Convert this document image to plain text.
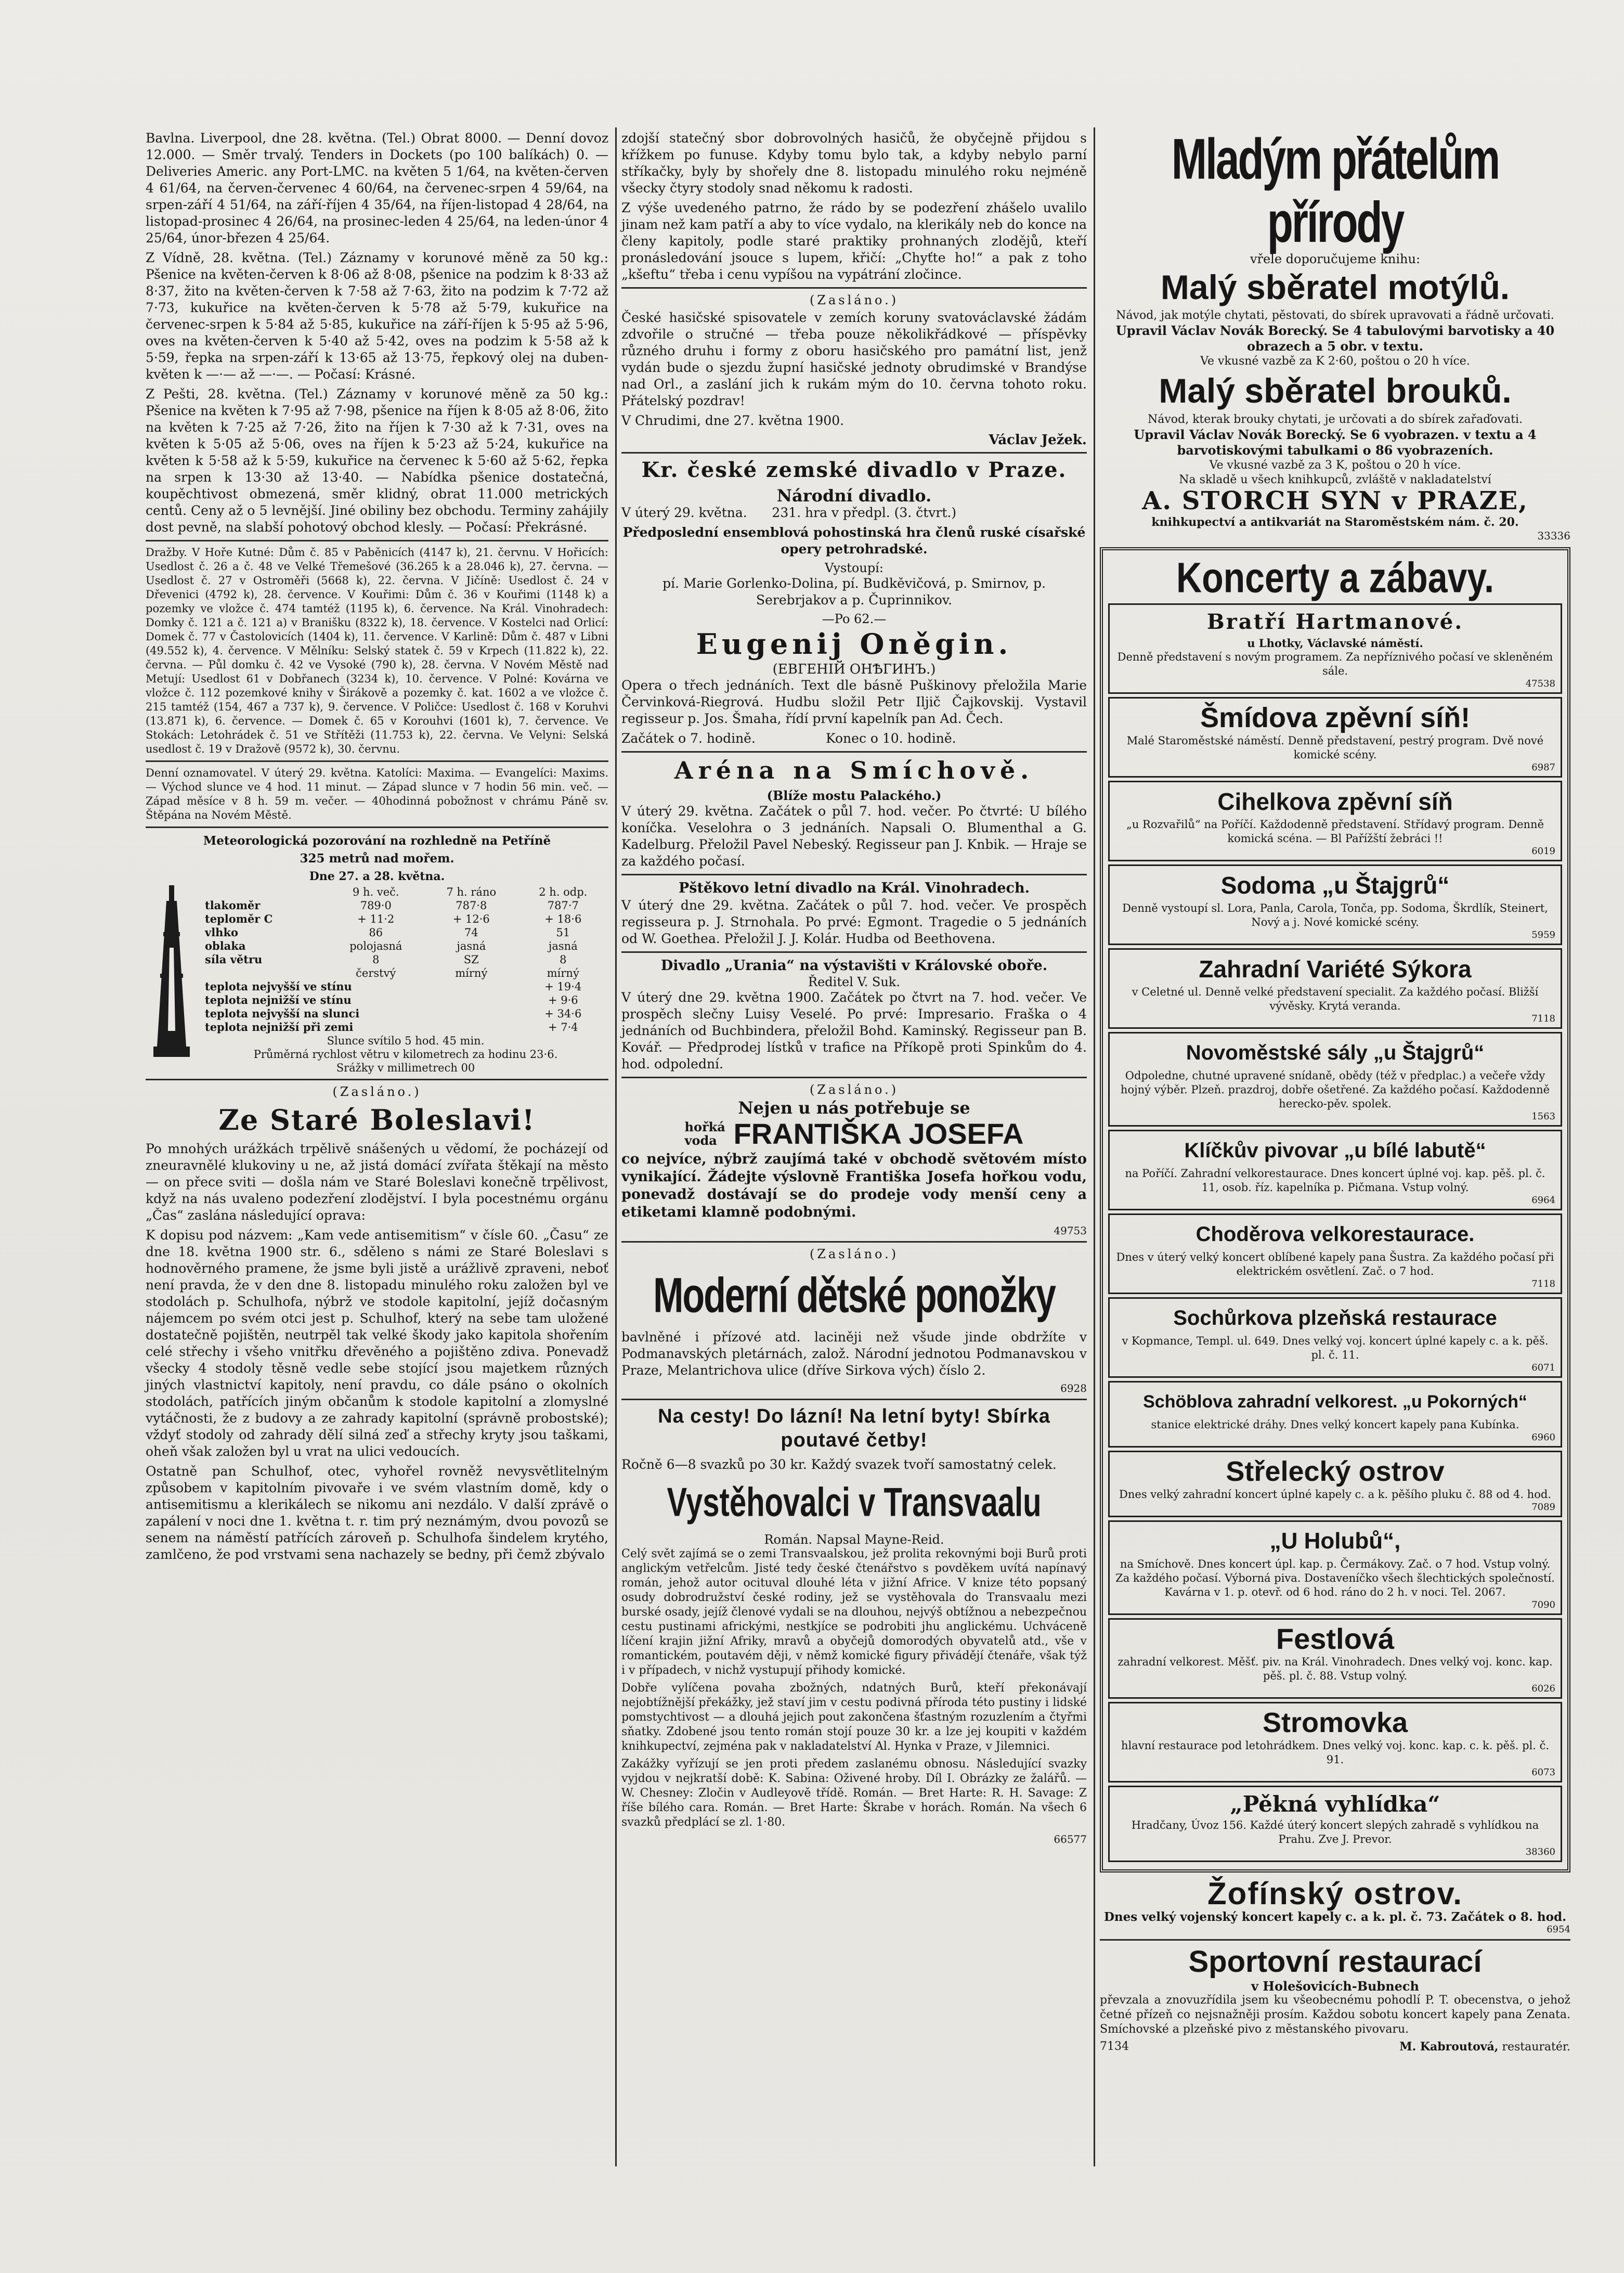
Bavlna. Liverpool, dne 28. května. (Tel.) Obrat 8000. — Denní dovoz 12.000. — Směr trvalý. Tenders in Dockets (po 100 balíkách) 0. — Deliveries Americ. any Port-LMC. na květen 5 1/64, na květen-červen 4 61/64, na červen-červenec 4 60/64, na červenec-srpen 4 59/64, na srpen-září 4 51/64, na září-říjen 4 35/64, na říjen-listopad 4 28/64, na listopad-prosinec 4 26/64, na prosinec-leden 4 25/64, na leden-únor 4 25/64, únor-březen 4 25/64.

Z Vídně, 28. května. (Tel.) Záznamy v korunové měně za 50 kg.: Pšenice na květen-červen k 8·06 až 8·08, pšenice na podzim k 8·33 až 8·37, žito na květen-červen k 7·58 až 7·63, žito na podzim k 7·72 až 7·73, kukuřice na květen-červen k 5·78 až 5·79, kukuřice na červenec-srpen k 5·84 až 5·85, kukuřice na září-říjen k 5·95 až 5·96, oves na květen-červen k 5·40 až 5·42, oves na podzim k 5·58 až k 5·59, řepka na srpen-září k 13·65 až 13·75, řepkový olej na duben-květen k —·— až —·—. — Počasí: Krásné.

Z Pešti, 28. května. (Tel.) Záznamy v korunové měně za 50 kg.: Pšenice na květen k 7·95 až 7·98, pšenice na říjen k 8·05 až 8·06, žito na květen k 7·25 až 7·26, žito na říjen k 7·30 až k 7·31, oves na květen k 5·05 až 5·06, oves na říjen k 5·23 až 5·24, kukuřice na květen k 5·58 až k 5·59, kukuřice na červenec k 5·60 až 5·62, řepka na srpen k 13·30 až 13·40. — Nabídka pšenice dostatečná, koupěchtivost obmezená, směr klidný, obrat 11.000 metrických centů. Ceny až o 5 levnější. Jiné obiliny bez obchodu. Terminy zahájily dost pevně, na slabší pohotový obchod klesly. — Počasí: Překrásné.

Dražby. V Hoře Kutné: Dům č. 85 v Paběnicích (4147 k), 21. červnu. V Hořicích: Usedlost č. 26 a č. 48 ve Velké Třemešové (36.265 k a 28.046 k), 27. června. — Usedlost č. 27 v Ostroměři (5668 k), 22. června. V Jičíně: Usedlost č. 24 v Dřevenici (4792 k), 28. července. V Kouřimi: Dům č. 36 v Kouřimi (1148 k) a pozemky ve vložce č. 474 tamtéž (1195 k), 6. července. Na Král. Vinohradech: Domky č. 121 a č. 121 a) v Branišku (8322 k), 18. července. V Kostelci nad Orlicí: Domek č. 77 v Častolovicích (1404 k), 11. července. V Karlině: Dům č. 487 v Libni (49.552 k), 4. července. V Mělníku: Selský statek č. 59 v Krpech (11.822 k), 22. června. — Půl domku č. 42 ve Vysoké (790 k), 28. června. V Novém Městě nad Metují: Usedlost 61 v Dobřanech (3234 k), 10. července. V Polné: Kovárna ve vložce č. 112 pozemkové knihy v Širákově a pozemky č. kat. 1602 a ve vložce č. 215 tamtéž (154, 467 a 737 k), 9. července. V Poličce: Usedlost č. 168 v Koruhvi (13.871 k), 6. července. — Domek č. 65 v Korouhvi (1601 k), 7. července. Ve Stokách: Letohrádek č. 51 ve Střítěži (11.753 k), 22. června. Ve Velyni: Selská usedlost č. 19 v Dražově (9572 k), 30. červnu.

Denní oznamovatel. V úterý 29. května. Katolíci: Maxima. — Evangelíci: Maxims. — Východ slunce ve 4 hod. 11 minut. — Západ slunce v 7 hodin 56 min. več. — Západ měsíce v 8 h. 59 m. večer. — 40hodinná pobožnost v chrámu Páně sv. Štěpána na Novém Městě.

Meteorologická pozorování na rozhledně na Petříně
325 metrů nad mořem.
Dne 27. a 28. května.
	9 h. več.	7 h. ráno	2 h. odp.
tlakoměr	789·0	787·8	787·7
teploměr C	+ 11·2	+ 12·6	+ 18·6
vlhko	86	74	51
oblaka	polojasná	jasná	jasná
síla větru	8	SZ	8
	čerstvý	mírný	mírný
teplota nejvyšší ve stínu			+ 19·4
teplota nejnižší ve stínu			+ 9·6
teplota nejvyšší na slunci			+ 34·6
teplota nejnižší při zemi			+ 7·4
Slunce svítilo 5 hod. 45 min.			
Průměrná rychlost větru v kilometrech za hodinu 23·6.			
Srážky v millimetrech 00			
(Zasláno.)
Ze Staré Boleslavi!

Po mnohých urážkách trpělivě snášených u vědomí, že pocházejí od zneuravnělé klukoviny u ne, až jistá domácí zvířata štěkají na město — on přece sviti — došla nám ve Staré Boleslavi konečně trpělivost, když na nás uvaleno podezření zlodějství. I byla pocestnému orgánu „Čas“ zaslána následující oprava:

K dopisu pod názvem: „Kam vede antisemitism“ v čísle 60. „Času“ ze dne 18. května 1900 str. 6., sděleno s námi ze Staré Boleslavi s hodnověrného pramene, že jsme byli jistě a urážlivě zpraveni, neboť není pravda, že v den dne 8. listopadu minulého roku založen byl ve stodolách p. Schulhofa, nýbrž ve stodole kapitolní, jejíž dočasným nájemcem po svém otci jest p. Schulhof, který na sebe tam uložené dostatečně pojištěn, neutrpěl tak velké škody jako kapitola shořením celé střechy i všeho vnitřku dřevěného a pojištěno zdiva. Ponevadž všecky 4 stodoly těsně vedle sebe stojící jsou majetkem různých jiných vlastnictví kapitoly, není pravdu, co dále psáno o okolních stodolách, patřících jiným občanům k stodole kapitolní a zlomyslné vytáčnosti, že z budovy a ze zahrady kapitolní (správně probostské); vždyť stodoly od zahrady dělí silná zeď a střechy kryty jsou taškami, oheň však založen byl u vrat na ulici vedoucích.

Ostatně pan Schulhof, otec, vyhořel rovněž nevysvětlitelným způsobem v kapitolním pivovaře i ve svém vlastním domě, kdy o antisemitismu a klerikálech se nikomu ani nezdálo. V další zprávě o zapálení v noci dne 1. května t. r. tim prý neznámým, dvou povozů se senem na náměstí patřících zároveň p. Schulhofa šindelem krytého, zamlčeno, že pod vrstvami sena nachazely se bedny, při čemž zbývalo

zdojší statečný sbor dobrovolných hasičů, že obyčejně přijdou s křížkem po funuse. Kdyby tomu bylo tak, a kdyby nebylo parní stříkačky, byly by shořely dne 8. listopadu minulého roku nejméně všecky čtyry stodoly snad někomu k radosti.

Z výše uvedeného patrno, že rádo by se podezření zhášelo uvalilo jinam než kam patří a aby to více vydalo, na klerikály neb do konce na členy kapitoly, podle staré praktiky prohnaných zlodějů, kteří pronásledování jsouce s lupem, křičí: „Chyťte ho!“ a pak z toho „kšeftu“ třeba i cenu vypíšou na vypátrání zločince.

(Zasláno.)

České hasičské spisovatele v zemích koruny svatováclavské žádám zdvořile o stručné — třeba pouze několikřádkové — příspěvky různého druhu i formy z oboru hasičského pro památní list, jenž vydán bude o sjezdu župní hasičské jednoty obrudimské v Brandýse nad Orl., a zaslání jich k rukám mým do 10. června tohoto roku. Přátelský pozdrav!

V Chrudimi, dne 27. května 1900.

Václav Ježek.
Kr. české zemské divadlo v Praze.
Národní divadlo.

V úterý 29. května.      231. hra v předpl. (3. čtvrt.)

Předposlední ensemblová pohostinská hra členů ruské císařské opery petrohradské.

Vystoupí:

pí. Marie Gorlenko-Dolina, pí. Budkěvičová, p. Smirnov, p. Serebrjakov a p. Čuprinnikov.

—Po 62.—
Eugenij Oněgin.
(ЕВГЕНІЙ ОНѢГИНЪ.)

Opera o třech jednáních. Text dle básně Puškinovy přeložila Marie Červinková-Riegrová. Hudbu složil Petr Iljič Čajkovskij. Vystavil regisseur p. Jos. Šmaha, řídí první kapelník pan Ad. Čech.

Začátek o 7. hodině.                 Konec o 10. hodině.

Aréna na Smíchově.
(Blíže mostu Palackého.)

V úterý 29. května. Začátek o půl 7. hod. večer. Po čtvrté: U bílého koníčka. Veselohra o 3 jednáních. Napsali O. Blumenthal a G. Kadelburg. Přeložil Pavel Nebeský. Regisseur pan J. Knbik. — Hraje se za každého počasí.

Pštěkovo letní divadlo na Král. Vinohradech.

V úterý dne 29. května. Začátek o půl 7. hod. večer. Ve prospěch regisseura p. J. Strnohala. Po prvé: Egmont. Tragedie o 5 jednáních od W. Goethea. Přeložil J. J. Kolár. Hudba od Beethovena.

Divadlo „Urania“ na výstavišti v Královské oboře.
Ředitel V. Suk.

V úterý dne 29. května 1900. Začátek po čtvrt na 7. hod. večer. Ve prospěch slečny Luisy Veselé. Po prvé: Impresario. Fraška o 4 jednáních od Buchbindera, přeložil Bohd. Kaminský. Regisseur pan B. Kovář. — Předprodej lístků v trafice na Příkopě proti Spinkům do 4. hod. odpolední.

(Zasláno.)
Nejen u nás potřebuje se
hořká voda FRANTIŠKA JOSEFA

co nejvíce, nýbrž zaujímá také v obchodě světovém místo vynikající. Žádejte výslovně Františka Josefa hořkou vodu, ponevadž dostávají se do prodeje vody menší ceny a etiketami klamně podobnými.

49753
(Zasláno.)
Moderní dětské ponožky

bavlněné i přízové atd. laciněji než všude jinde obdržíte v Podmanavských pletárnách, založ. Národní jednotou Podmanavskou v Praze, Melantrichova ulice (dříve Sirkova vých) číslo 2.

6928
Na cesty! Do lázní! Na letní byty! Sbírka poutavé četby!

Ročně 6—8 svazků po 30 kr. Každý svazek tvoří samostatný celek.

Vystěhovalci v Transvaalu
Román. Napsal Mayne-Reid.

Celý svět zajímá se o zemi Transvaalskou, jež prolita rekovnými boji Burů proti anglickým vetřelcům. Jisté tedy české čtenářstvo s povděkem uvítá napínavý román, jehož autor ocituval dlouhé léta v jižní Africe. V knize této popsaný osudy dobrodružství české rodiny, jež se vystěhovala do Transvaalu mezi burské osady, jejíž členové vydali se na dlouhou, nejvýš obtížnou a nebezpečnou cestu pustinami africkými, nestkjíce se podrobiti jhu anglickému. Uchváceně líčení krajin jižní Afriky, mravů a obyčejů domorodých obyvatelů atd., vše v romantickém, poutavém ději, v němž komické figury přivádějí čtenáře, však týž i v případech, v nichž vystupují přihody komické.

Dobře vylíčena povaha zbožných, ndatných Burů, kteří překonávají nejobtížnější překážky, jež staví jim v cestu podivná příroda této pustiny i lidské pomstychtivost — a dlouhá jejich pout zakončena šťastným rozuzlením a čtyřmi sňatky. Zdobené jsou tento román stojí pouze 30 kr. a lze jej koupiti v každém knihkupectví, zejména pak v nakladatelství Al. Hynka v Praze, v Jilemnici.

Zakážky vyřízují se jen proti předem zaslanému obnosu. Následující svazky vyjdou v nejkratší době: K. Sabina: Oživené hroby. Díl I. Obrázky ze žalářů. — W. Chesney: Zločin v Audleyově třídě. Román. — Bret Harte: R. H. Savage: Z říše bílého cara. Román. — Bret Harte: Škrabe v horách. Román. Na všech 6 svazků předplácí se zl. 1·80.

66577
Mladým přátelům přírody
vřele doporučujeme knihu:
Malý sběratel motýlů.
Návod, jak motýle chytati, pěstovati, do sbírek upravovati a řádně určovati.
Upravil Václav Novák Borecký. Se 4 tabulovými barvotisky a 40 obrazech a 5 obr. v textu.
Ve vkusné vazbě za K 2·60, poštou o 20 h více.
Malý sběratel brouků.
Návod, kterak brouky chytati, je určovati a do sbírek zařaďovati.
Upravil Václav Novák Borecký. Se 6 vyobrazen. v textu a 4 barvotiskovými tabulkami o 86 vyobrazeních.
Ve vkusné vazbě za 3 K, poštou o 20 h více.
Na skladě u všech knihkupců, zvláště v nakladatelství
A. STORCH SYN v PRAZE,
knihkupectví a antikvariát na Staroměstském nám. č. 20.
33336
Koncerty a zábavy.
Bratří Hartmanové.
u Lhotky, Václavské náměstí.
Denně představení s novým programem. Za nepříznivého počasí ve skleněném sále.
47538
Šmídova zpěvní síň!
Malé Staroměstské náměstí. Denně představení, pestrý program. Dvě nové komické scény.
6987
Cihelkova zpěvní síň
„u Rozvařilů“ na Poříčí. Každodenně představení. Střídavý program. Denně komická scéna. — Bl Pařížští žebráci !!
6019
Sodoma „u Štajgrů“
Denně vystoupí sl. Lora, Panla, Carola, Tonča, pp. Sodoma, Škrdlík, Steinert, Nový a j. Nové komické scény.
5959
Zahradní Variété Sýkora
v Celetné ul. Denně velké představení specialit. Za každého počasí. Bližší vývěsky. Krytá veranda.
7118
Novoměstské sály „u Štajgrů“
Odpoledne, chutné upravené snídaně, obědy (též v předplac.) a večeře vždy hojný výběr. Plzeň. prazdroj, dobře ošetřené. Za každého počasí. Každodenně herecko-pěv. spolek.
1563
Klíčkův pivovar „u bílé labutě“
na Poříčí. Zahradní velkorestaurace. Dnes koncert úplné voj. kap. pěš. pl. č. 11, osob. říz. kapelníka p. Pičmana. Vstup volný.
6964
Choděrova velkorestaurace.
Dnes v úterý velký koncert oblíbené kapely pana Šustra. Za každého počasí při elektrickém osvětlení. Zač. o 7 hod.
7118
Sochůrkova plzeňská restaurace
v Kopmance, Templ. ul. 649. Dnes velký voj. koncert úplné kapely c. a k. pěš. pl. č. 11.
6071
Schöblova zahradní velkorest. „u Pokorných“
stanice elektrické dráhy. Dnes velký koncert kapely pana Kubínka.
6960
Střelecký ostrov
Dnes velký zahradní koncert úplné kapely c. a k. pěšího pluku č. 88 od 4. hod.
7089
„U Holubů“,
na Smíchově. Dnes koncert úpl. kap. p. Čermákovy. Zač. o 7 hod. Vstup volný. Za každého počasí. Výborná piva. Dostaveníčko všech šlechtických společností. Kavárna v 1. p. otevř. od 6 hod. ráno do 2 h. v noci. Tel. 2067.
7090
Festlová
zahradní velkorest. Měšť. piv. na Král. Vinohradech. Dnes velký voj. konc. kap. pěš. pl. č. 88. Vstup volný.
6026
Stromovka
hlavní restaurace pod letohrádkem. Dnes velký voj. konc. kap. c. k. pěš. pl. č. 91.
6073
„Pěkná vyhlídka“
Hradčany, Úvoz 156. Každé úterý koncert slepých zahradě s vyhlídkou na Prahu. Zve J. Prevor.
38360
Žofínský ostrov.
Dnes velký vojenský koncert kapely c. a k. pl. č. 73. Začátek o 8. hod.
6954
Sportovní restaurací
v Holešovicích-Bubnech

převzala a znovuzřídila jsem ku všeobecnému pohodlí P. T. obecenstva, o jehož četné přízeň co nejsnažněji prosím. Každou sobotu koncert kapely pana Zenata. Smíchovské a plzeňské pivo z městanského pivovaru.

7134	M. Kabroutová, restauratér.
